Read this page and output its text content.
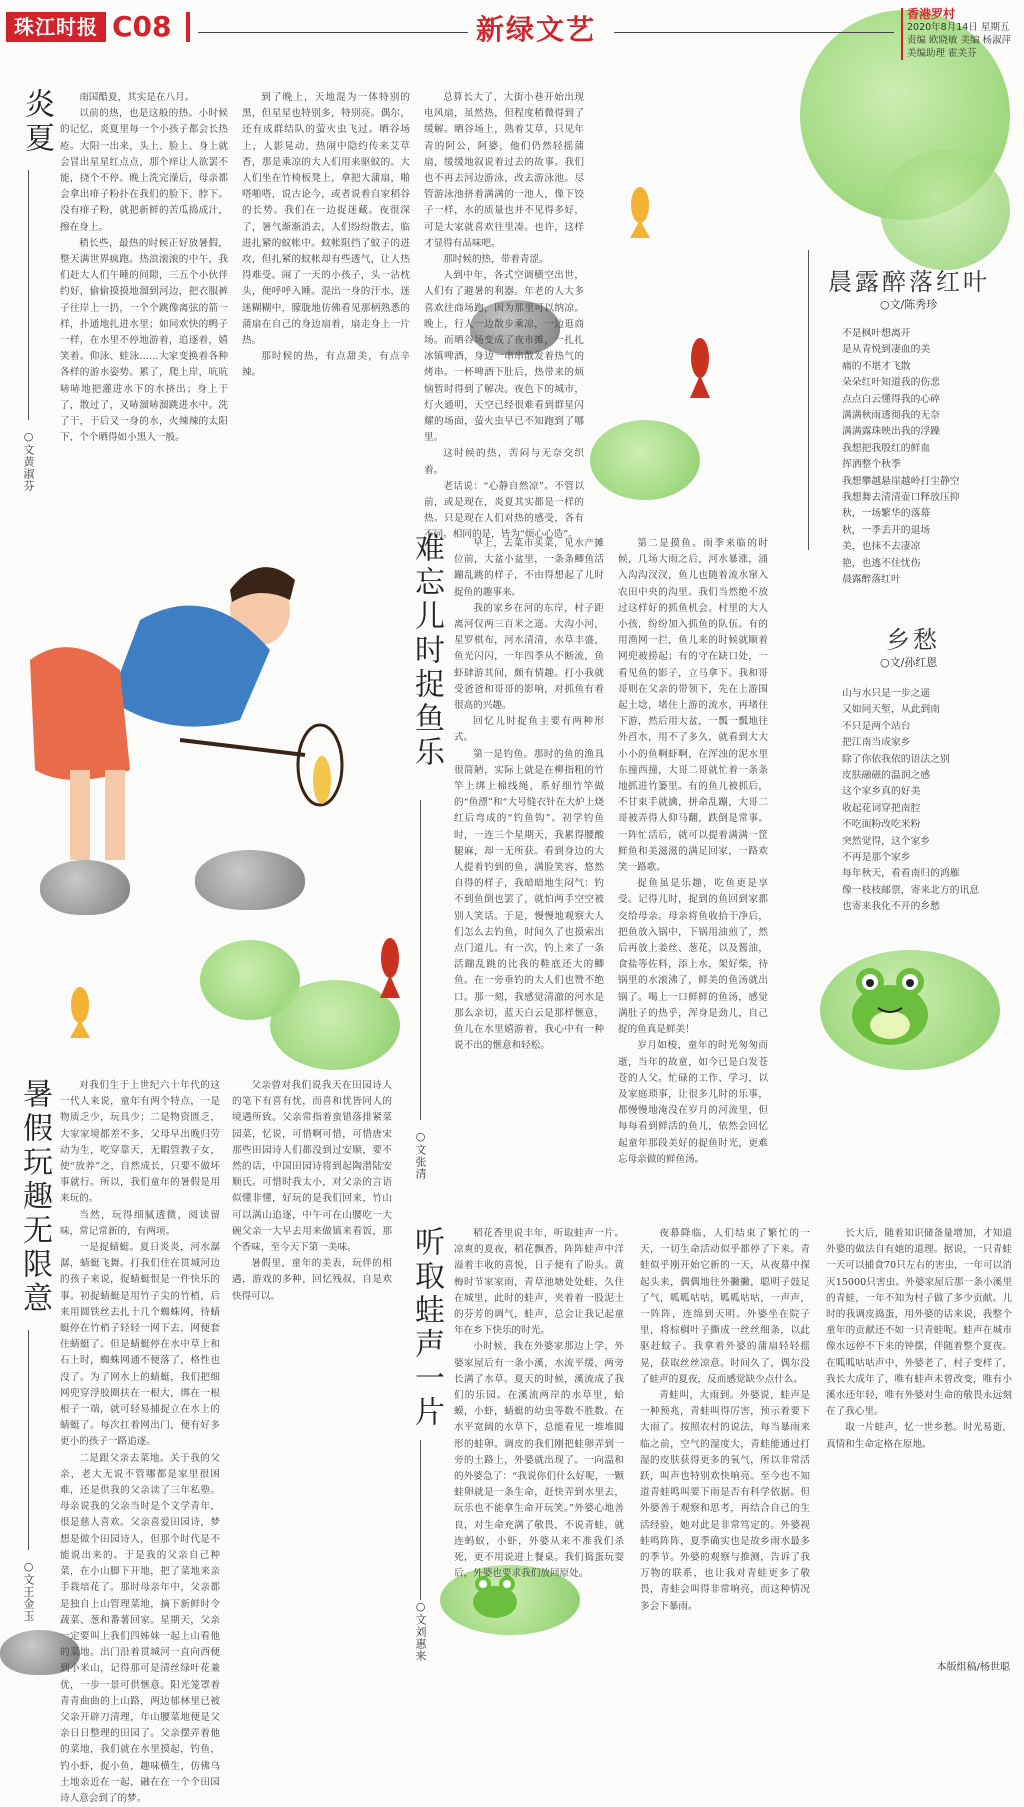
珠江时报 C08	新绿文艺	香港罗村
2020年8月14日 星期五
责编 欧晓敏 美编 杨淑萍
美编助理 霍美芬
炎夏
○文黄淑芬

南国酷夏，其实是在八月。

以前的热，也是这般的热。小时候的记忆，炎夏里每一个小孩子都会长热疮。大阳一出来，头上、脸上、身上就会冒出星星红点点，那个痒让人欲罢不能，挠个不停。晚上洗完澡后，母亲都会拿出痱子粉扑在我们的脸下、脖下。没有痱子粉，就把新鲜的苦瓜捣成汁，擦在身上。

稍长些，最热的时候正好放暑假，整天满世界疯跑。热浪滚滚的中午，我们赶大人们午睡的间隙，三五个小伙伴约好，偷偷摸摸地溜到河边，把衣服裤子往岸上一扔，一个个跳像离弦的箭一样，扑通地扎进水里；如同欢快的鸭子一样，在水里不停地游着，追逐着，嬉笑着。仰泳、蛙泳……大家变换着各种各样的游水姿势。累了，爬上岸，吭吭哧哧地把灌进水下的水挤出；身上干了，散过了，又哧溜哧溜跳进水中。洗了干，干后又一身的水，火辣辣的太阳下，个个晒得如小黑人一般。

到了晚上，天地混为一体特别的黑，但星星也特别多，特别亮。偶尔，还有成群结队的萤火虫飞过。晒谷场上，人影晃动，热闹中隐约传来艾草香，那是乘凉的大人们用来驱蚊的。大人们坐在竹椅板凳上，拿把大蒲扇，啪嗒啪嗒，说古论今，或者说着自家稻谷的长势。我们在一边捉迷藏。夜很深了，暑气渐渐消去，人们纷纷散去，临进扎紧的蚊帐中。蚊帐阻挡了蚊子的进攻，但扎紧的蚊帐却有些透气，让人热得难受。闹了一天的小孩子，头一沾枕头，便呼呼入睡。混出一身的汗水，迷迷糊糊中，朦胧地仿佛看见那柄熟悉的蒲扇在自己的身边扇着，扇走身上一片热。

那时候的热，有点甜美，有点辛辣。

总算长大了，大街小巷开始出现电风扇，虽然热，但程度稍微得到了缓解。晒谷场上，熟着艾草，只见年青的阿公，阿婆，他们仍然轻摇蒲扇，缓缓地叙说着过去的故事。我们也不再去河边游泳，改去游泳池。尽管游泳池挤着满满的一池人，像下饺子一样，水的质量也并不见得多好，可是大家就喜欢往里凑。也许，这样才显得有品味吧。

那时候的热，带着青涩。

人到中年，各式空调横空出世，人们有了避暑的利器。年老的人大多喜欢往商场跑，因为那里可以纳凉。晚上，行人一边散步乘凉，一边逛商场。而晒谷场变成了夜市摊，一扎扎冰镇啤酒，身边一串串散发着热气的烤串。一杯啤酒下肚后，热带来的烦恼暂时得到了解决。夜色下的城市，灯火通明，天空已经很难看到群星闪耀的场面，萤火虫早已不知跑到了哪里。

这时候的热，苦闷与无奈交织着。

老话说：“心静自然凉”。不管以前，或是现在，炎夏其实都是一样的热。只是现在人们对热的感受，各有不同。相同的是，皆为“烦心心造”。

晨露醉落红叶
○文/陈秀珍
不是枫叶想离开
是从青悦到凄血的美
痛的不堪才飞散
朵朵红叶知道我的伤悲
点点白云懂得我的心碎
满满秋雨透彻我的无奈
满满露珠映出我的浮躁
我想把我殷红的鲜血
挥洒整个秋季
我想攀越悬崖越岭打尘静空
我想舞去清清壶口释放压抑
秋，一场繁华的落幕
秋，一季丢开的退场
美，也抹不去凄凉
艳，也逃不住忧伤
晨露醉落红叶
乡愁
○文/孙红恩
山与水只是一步之遥
又如同天堑，从此到南
不只是两个站台
把江南当成家乡
除了你依我依的语法之别
皮肤融磁的温润之感
这个家乡真的好美
收起花词穿把南腔
不吃面粉改吃米粉
突然觉得，这个家乡
不再是那个家乡
每年秋天，看看南归的鸿雁
像一枝枝邮票，寄来北方的讯息
也寄来我化不开的乡愁
难忘儿时捉鱼乐
○文张清

早上，去菜市买菜，见水产摊位前，大盆小盆里，一条条鲫鱼活蹦乱跳的样子，不由得想起了儿时捉鱼的趣事来。

我的家乡在河的东岸，村子距离河仅两三百米之遥。大沟小河，星罗棋布，河水清清，水草丰盛，鱼光闪闪，一年四季从不断流，鱼虾肆游其间，颇有情趣。打小我就受爸爸和哥哥的影响，对抓鱼有着很高的兴趣。

回忆儿时捉鱼主要有两种形式。

第一是钓鱼。那时的鱼的渔具很简陋，实际上就是在柳指粗的竹竿上绑上棉线绳，系好细竹竿做的“鱼漂”和“大号缝衣针在大炉上烧红后弯成的“钓鱼钩”。初学钓鱼时，一连三个星期天，我累得腰酸腿麻，却一无所获。看到身边的大人提着钓到的鱼，满脸笑容，悠然自得的样子，我暗暗地生闷气：钓不到鱼倒也罢了，就怕两手空空被别人笑话。于是，慢慢地观察大人们怎么去钓鱼，时间久了也摸索出点门道儿。有一次，钓上来了一条活蹦乱跳的比我的鞋底还大的鲫鱼。在一旁垂钓的大人们也赞不绝口。那一刻，我感觉清澈的河水是那么亲切，蓝天白云是那样惬意，鱼儿在水里嬉游着，我心中有一种说不出的惬意和轻松。

第二是摸鱼。雨季来临的时候，几场大雨之后，河水暴涨，涌入沟沟汊汊，鱼儿也随着流水窜入农田中央的沟里。我们当然绝不放过这样好的抓鱼机会。村里的大人小孩，纷纷加入抓鱼的队伍。有的用渔网一拦，鱼儿来的时候就顺着网兜被捞起；有的守在缺口处，一看见鱼的影子，立马拿下。我和哥哥则在父亲的带领下，先在上游围起土埝，堵住上游的流水，再堵住下游，然后用大盆，一瓢一瓢地往外舀水，用不了多久，就看到大大小小的鱼啊虾啊，在浑浊的泥水里东撞西撞，大哥二哥就忙着一条条地抓进竹篓里。有的鱼儿被抓后，不甘束手就擒，拼命乱蹦，大哥二哥被弄得人仰马翻，跌倒是常事。一阵忙活后，就可以提着满满一筐鲜鱼和美滋滋的满足回家，一路欢笑一路歌。

捉鱼虽是乐趣，吃鱼更是享受。记得儿时，捉到的鱼回到家都交给母亲。母亲将鱼收拾干净后，把鱼放入锅中，下锅用油煎了，然后再放上姜丝、葱花，以及酱油，食盐等佐料，添上水，架好柴，待锅里的水滚沸了，鲜美的鱼汤就出锅了。喝上一口鲜鲜的鱼汤，感觉满肚子的热乎，浑身是劲儿，自己捉的鱼真是鲜美！

岁月如梭，童年的时光匆匆而逝，当年的故童，如今已是白发苍苍的人父。忙碌的工作、学习，以及家庭琐事，让很多儿时的乐事，都慢慢地淹没在岁月的河流里，但每每看到鲜活的鱼儿，依然会回忆起童年那段美好的捉鱼时光，更难忘母亲做的鲜鱼汤。

暑假玩趣无限意
○文王金玉

对我们生于上世纪六十年代的这一代人来说，童年有两个特点，一是物质乏少，玩具少；二是物资匮乏，大家家境都差不多，父母早出晚归劳动为生，吃穿靠天，无暇管教子女，使“放养”之，自然成长，只要不做坏事就行。所以，我们童年的暑假是用来玩的。

当然，玩得细腻透微，阅读留味，常记常新的，有两项。

一是捉蜻蜓。夏日炎炎，河水潺潺，蜻蜓飞舞。打我们住在贯城河边的孩子来说，捉蜻蜓恨是一件快乐的事。初捉蜻蜓是用竹子尖的竹梢，后来用圆铁丝去扎十几个蜘蛛网，待蜻蜓停在竹梢子轻轻一网下去，网便套住蜻蜓了。但是蜻蜓停在水中草上和石上时，蜘蛛网通不便落了，格性也没了。为了网水上的蜻蜓，我们把细网兜穿浮胶圈扶在一根大，绑在一根根子一端，就可轻易捕捉立在水上的蜻蜓了。每次扛着网出门，便有好多更小的孩子一路追逐。

二是跟父亲去菜地。关于我的父亲，老大无说不管哪都是家里很困难，还是供我的父亲读了三年私塾。母亲说我的父亲当时是个文学青年，很是慈人喜欢。父亲喜爱田园诗，梦想是做个田园诗人，但那个时代是不能说出来的。于是我的父亲自己种菜，在小山脚下开地，把了菜地来亲手栽培花了。那时母亲年中，父亲都是独自上山管理菜地，摘下新鲜时令蔬菜、葱和番薯回家。星期天，父亲一定要叫上我们四姊妹一起上山看他的菜地。出门沿着贯城河一直向西便到小米山，记得那可是清丝绿叶花兼优，一步一景可供惬意。阳光笼罩着青青曲曲的上山路，两边郁林里已被父亲开辟刀清理，年山腰菜地便是父亲日日整理的田园了。父亲摆弄着他的菜地，我们就在水里摸起，钓鱼，钓小虾，捉小鱼，趣味横生，仿佛乌土地亲近在一起，融在在一个个田园诗人意会到了的梦。

父亲曾对我们说我天在田园诗人的笔下有喜有忧，而喜和忧皆同人的境遇所致。父亲常指着蛮错落排紧菜园菜，忆说，可惜啊可惜，可惜唐宋那些田园诗人们都没到过安顺，要不然的话，中国田园诗将到起陶潜陆安顺氏。可惜时我太小，对父亲的言语似懂非懂，好玩的是我们回来，竹山可以满山追逐，中午可在山腰吃一大碗父亲一大早去用来做镇来看饭，那个香味，至今天下第一美味。

暑假里，童年的美表，玩伴的相遇，游戏的多种，回忆残叔，自是欢快得可以。	听取蛙声一片
○文刘惠来

稻花香里说丰年，听取蛙声一片。凉爽的夏夜，稻花飘香，阵阵蛙声中洋溢着丰收的喜悦，日子便有了盼头。黄梅时节家家雨，青草池塘处处蛙，久住在城里，此时的蛙声，夹着着一股泥土的芬芳的调气，蛙声，总会让我记起童年在乡下快乐的时光。

小时候，我在外婆家那边上学，外婆家屋后有一条小溪，水流平缓，两旁长满了水草。夏天的时候，溪流成了我们的乐园。在溪流两岸的水草里，蛤蟆，小虾，蜻蜓的幼虫等数不胜数。在水平宽阔的水草下，总能看见一堆堆圆形的蛙卵。调皮的我们刚把蛙卵弄到一旁的土路上，外婆就出现了。一向温和的外婆急了：“我说你们什么好呢，一颗蛙卵就是一条生命，赶快弄到水里去，玩乐也不能拿生命开玩笑。”外婆心地善良，对生命充满了敬畏，不说青蛙，就连蚂蚁，小虾，外婆从来不准我们杀死，更不用说进上餐桌。我们捣蛋玩耍后，外婆也要求我们放回原处。

夜幕降临，人们结束了繁忙的一天，一切生命活动似乎都停了下来。青蛙似乎刚开始它新的一天，从夜幕中探起头来，偶偶地往外撇撇，聪明子鼓足了气，呱呱咕咕，呱呱咕咕，一声声，一阵阵，连绵到天明。外婆坐在院子里，将棕榈叶子撕成一丝丝细条，以此驱赶蚊子。我拿着外婆的蒲扇轻轻摇晃，获取丝丝凉意。时间久了，偶尔没了蛙声的夏夜，反而感觉缺少点什么。

青蛙叫，大雨到。外婆说，蛙声是一种预兆，青蛙叫得厉害，预示着要下大雨了。按照农村的说法，每当暴雨来临之前，空气的湿度大，青蛙能通过打湿的皮肤获得更多的氧气，所以非常活跃，叫声也特别欢快响亮。至今也不知道青蛙鸣叫要下雨是否有科学依据。但外婆善于观察和思考，再结合自己的生活经验，她对此是非常笃定的。外婆视蛙鸣阵阵，夏季确实也是故乡雨水最多的季节。外婆的观察与推测，告诉了我万物的联系，也让我对青蛙更多了敬畏，青蛙会叫得非常响亮，而这种情况多会下暴雨。

长大后，随着知识储备量增加，才知道外婆的做法自有她的道理。据说，一只青蛙一天可以捕食70只左右的害虫，一年可以消灭15000只害虫。外婆家屋后那一条小溪里的青蛙，一年不知为村子做了多少贡献。儿时的我调皮捣蛋，用外婆的话来说，我整个童年的贡献还不如一只青蛙呢。蛙声在城市像水远停不下来的钟摆，伴随着整个夏夜。在呱呱咕咕声中，外婆老了，村子变样了，我长大成年了，唯有蛙声未曾改变，唯有小溪水还年轻，唯有外婆对生命的敬畏永远刻在了我心里。

取一片蛙声，忆一世乡愁。时光易逝，真情和生命定格在原地。

本版组稿/杨世聪
